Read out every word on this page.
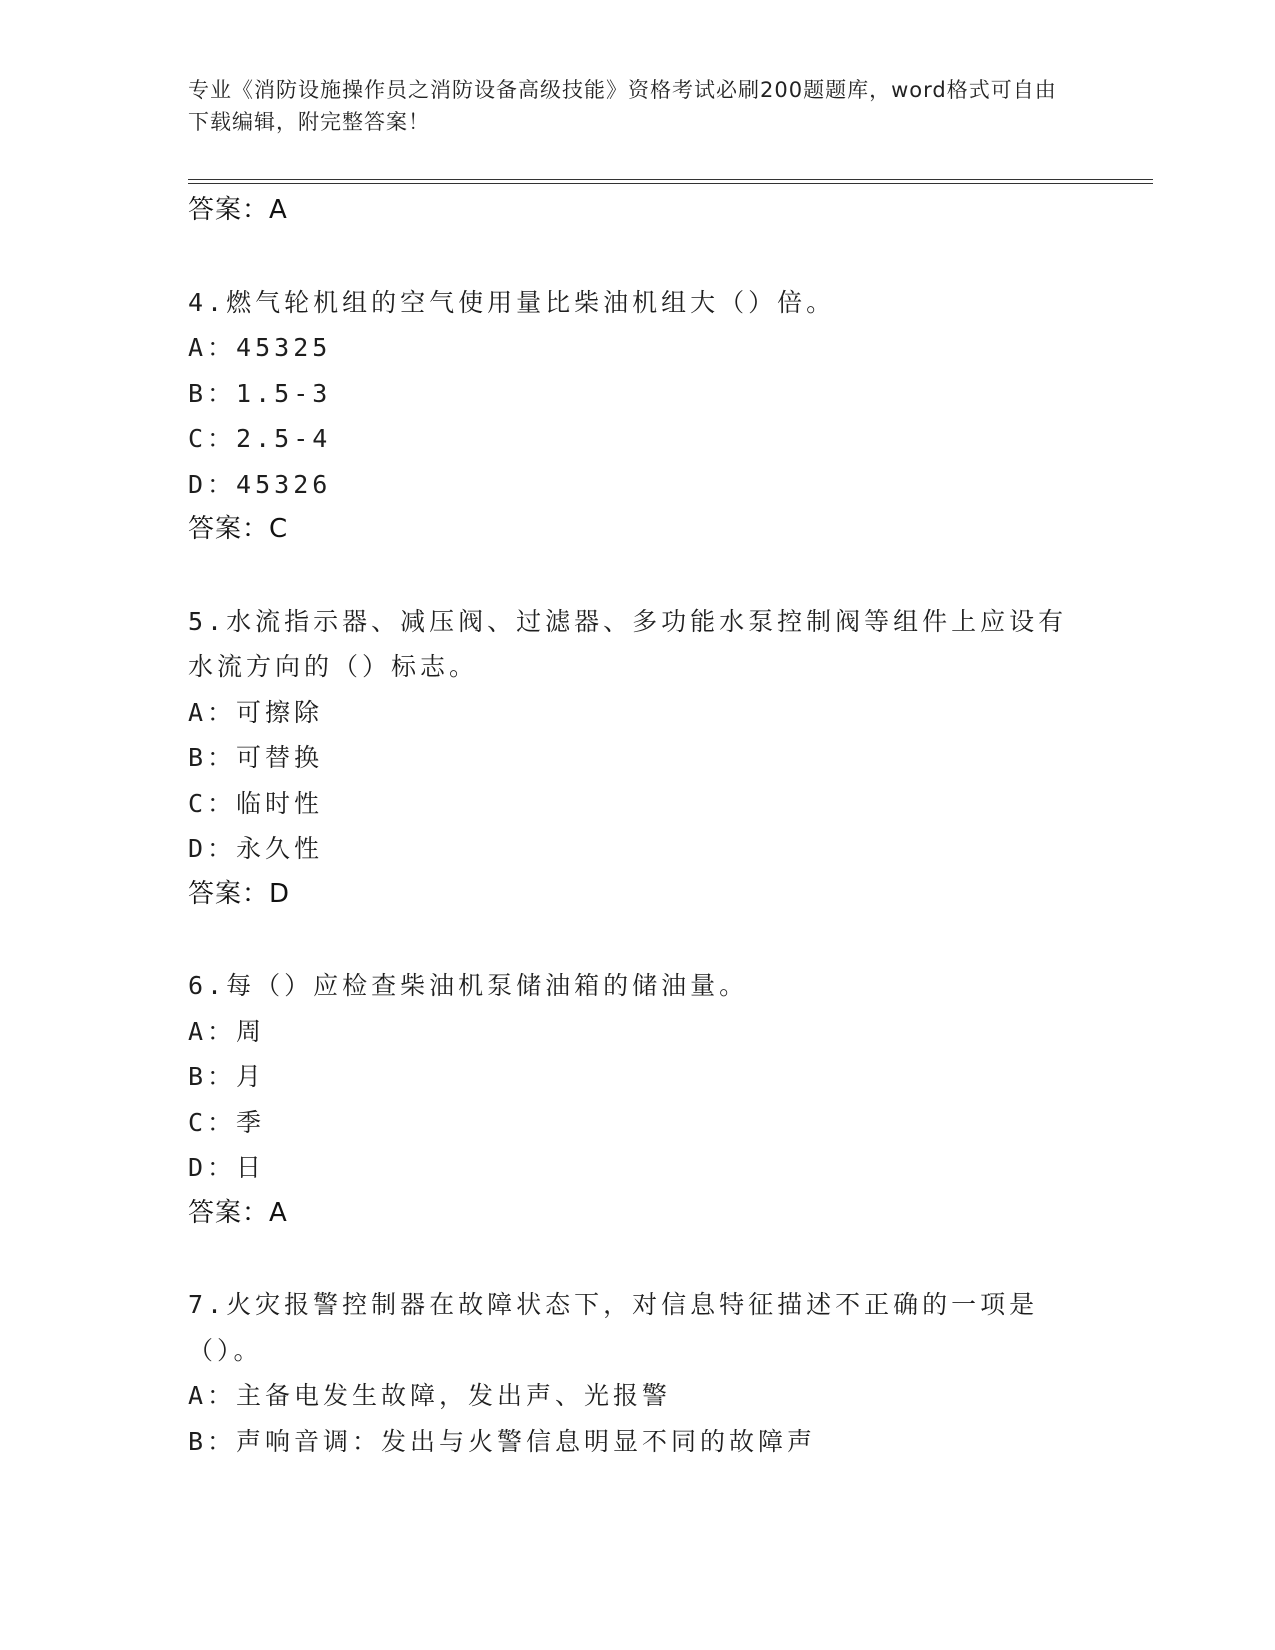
专业《消防设施操作员之消防设备高级技能》资格考试必刷200题题库，word格式可自由下载编辑，附完整答案！
答案：A
4.燃气轮机组的空气使用量比柴油机组大（）倍。
A：45325
B：1.5-3
C：2.5-4
D：45326
答案：C
5.水流指示器、减压阀、过滤器、多功能水泵控制阀等组件上应设有水流方向的（）标志。
A：可擦除
B：可替换
C：临时性
D：永久性
答案：D
6.每（）应检查柴油机泵储油箱的储油量。
A：周
B：月
C：季
D：日
答案：A
7.火灾报警控制器在故障状态下，对信息特征描述不正确的一项是（）。
A：主备电发生故障，发出声、光报警
B：声响音调：发出与火警信息明显不同的故障声
